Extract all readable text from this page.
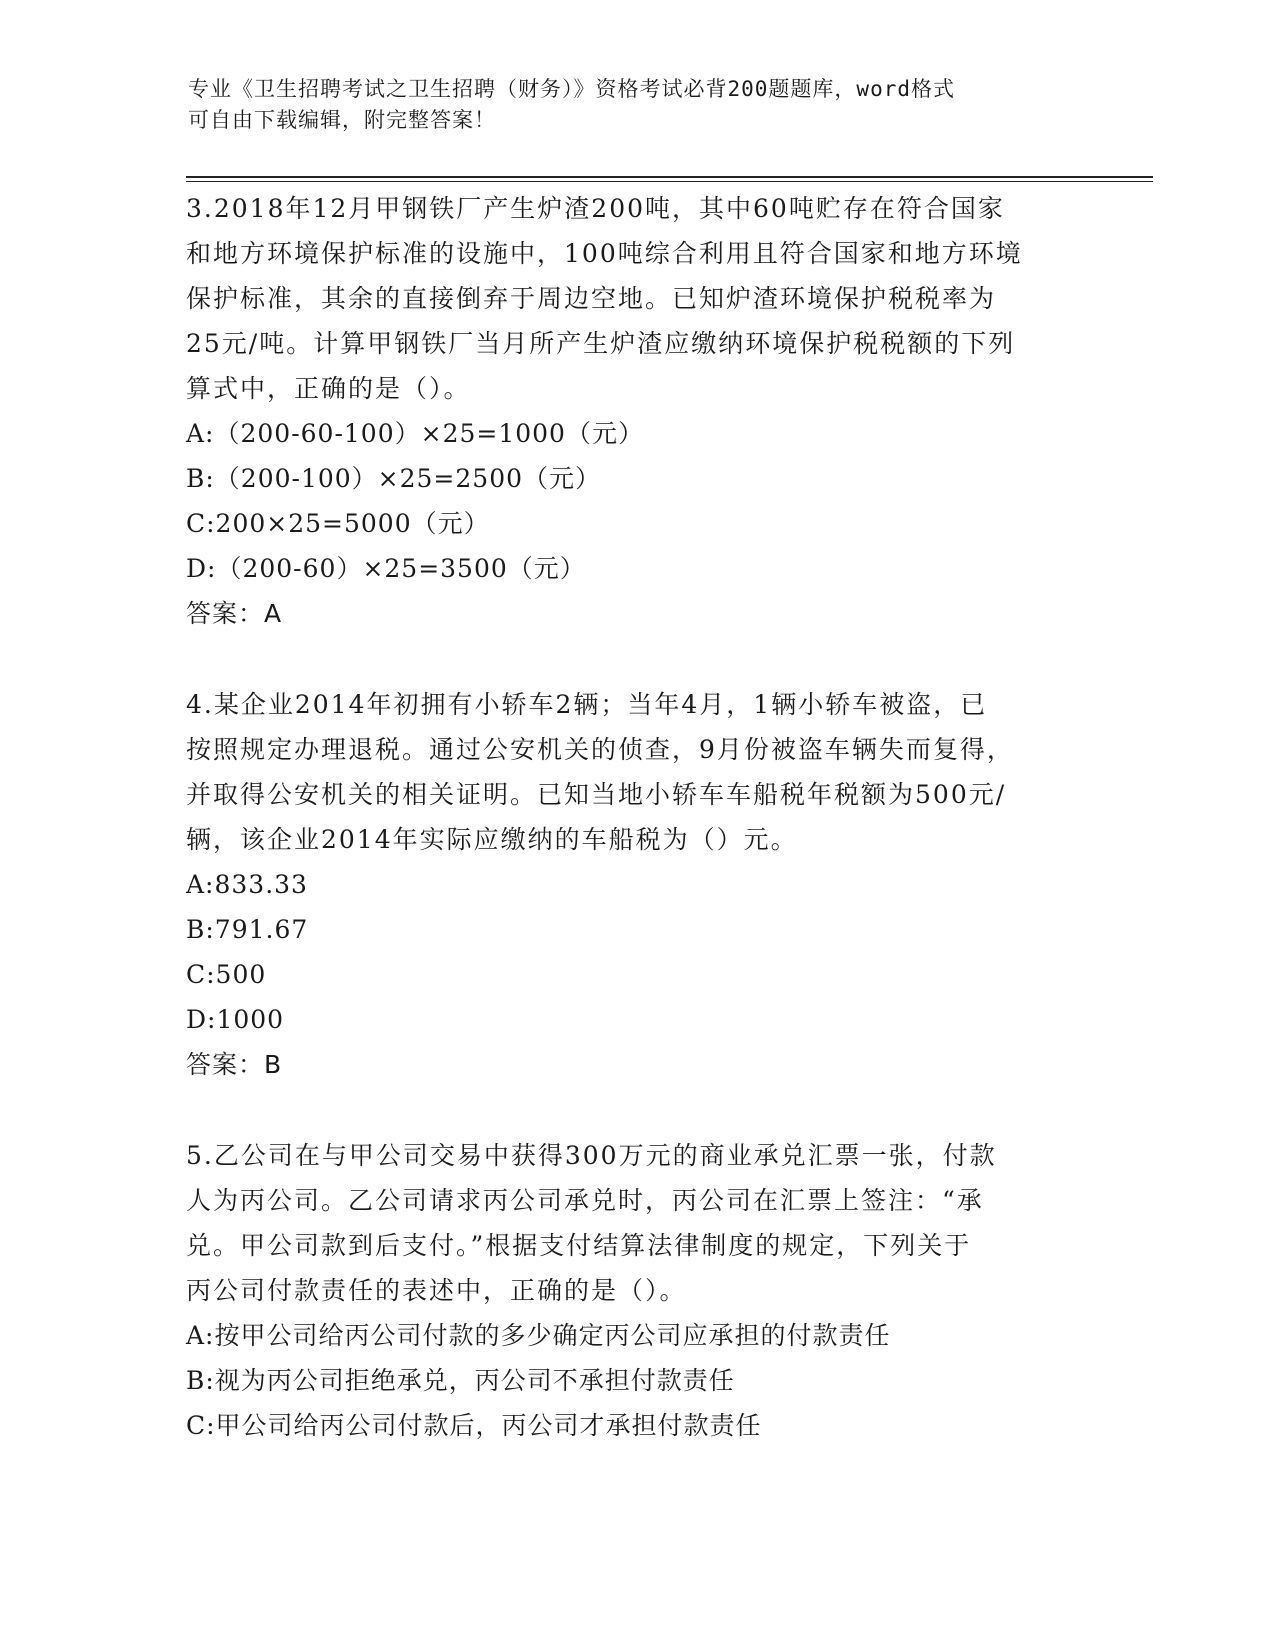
专业《卫生招聘考试之卫生招聘（财务）》资格考试必背200题题库，word格式
可自由下载编辑，附完整答案！
3.2018年12月甲钢铁厂产生炉渣200吨，其中60吨贮存在符合国家
和地方环境保护标准的设施中，100吨综合利用且符合国家和地方环境
保护标准，其余的直接倒弃于周边空地。已知炉渣环境保护税税率为
25元/吨。计算甲钢铁厂当月所产生炉渣应缴纳环境保护税税额的下列
算式中，正确的是（）。
A:（200-60-100）×25=1000（元）
B:（200-100）×25=2500（元）
C:200×25=5000（元）
D:（200-60）×25=3500（元）
答案：A
4.某企业2014年初拥有小轿车2辆；当年4月，1辆小轿车被盗，已
按照规定办理退税。通过公安机关的侦查，9月份被盗车辆失而复得，
并取得公安机关的相关证明。已知当地小轿车车船税年税额为500元/
辆，该企业2014年实际应缴纳的车船税为（）元。
A:833.33
B:791.67
C:500
D:1000
答案：B
5.乙公司在与甲公司交易中获得300万元的商业承兑汇票一张，付款
人为丙公司。乙公司请求丙公司承兑时，丙公司在汇票上签注：“承
兑。甲公司款到后支付。”根据支付结算法律制度的规定，下列关于
丙公司付款责任的表述中，正确的是（）。
A:按甲公司给丙公司付款的多少确定丙公司应承担的付款责任
B:视为丙公司拒绝承兑，丙公司不承担付款责任
C:甲公司给丙公司付款后，丙公司才承担付款责任
